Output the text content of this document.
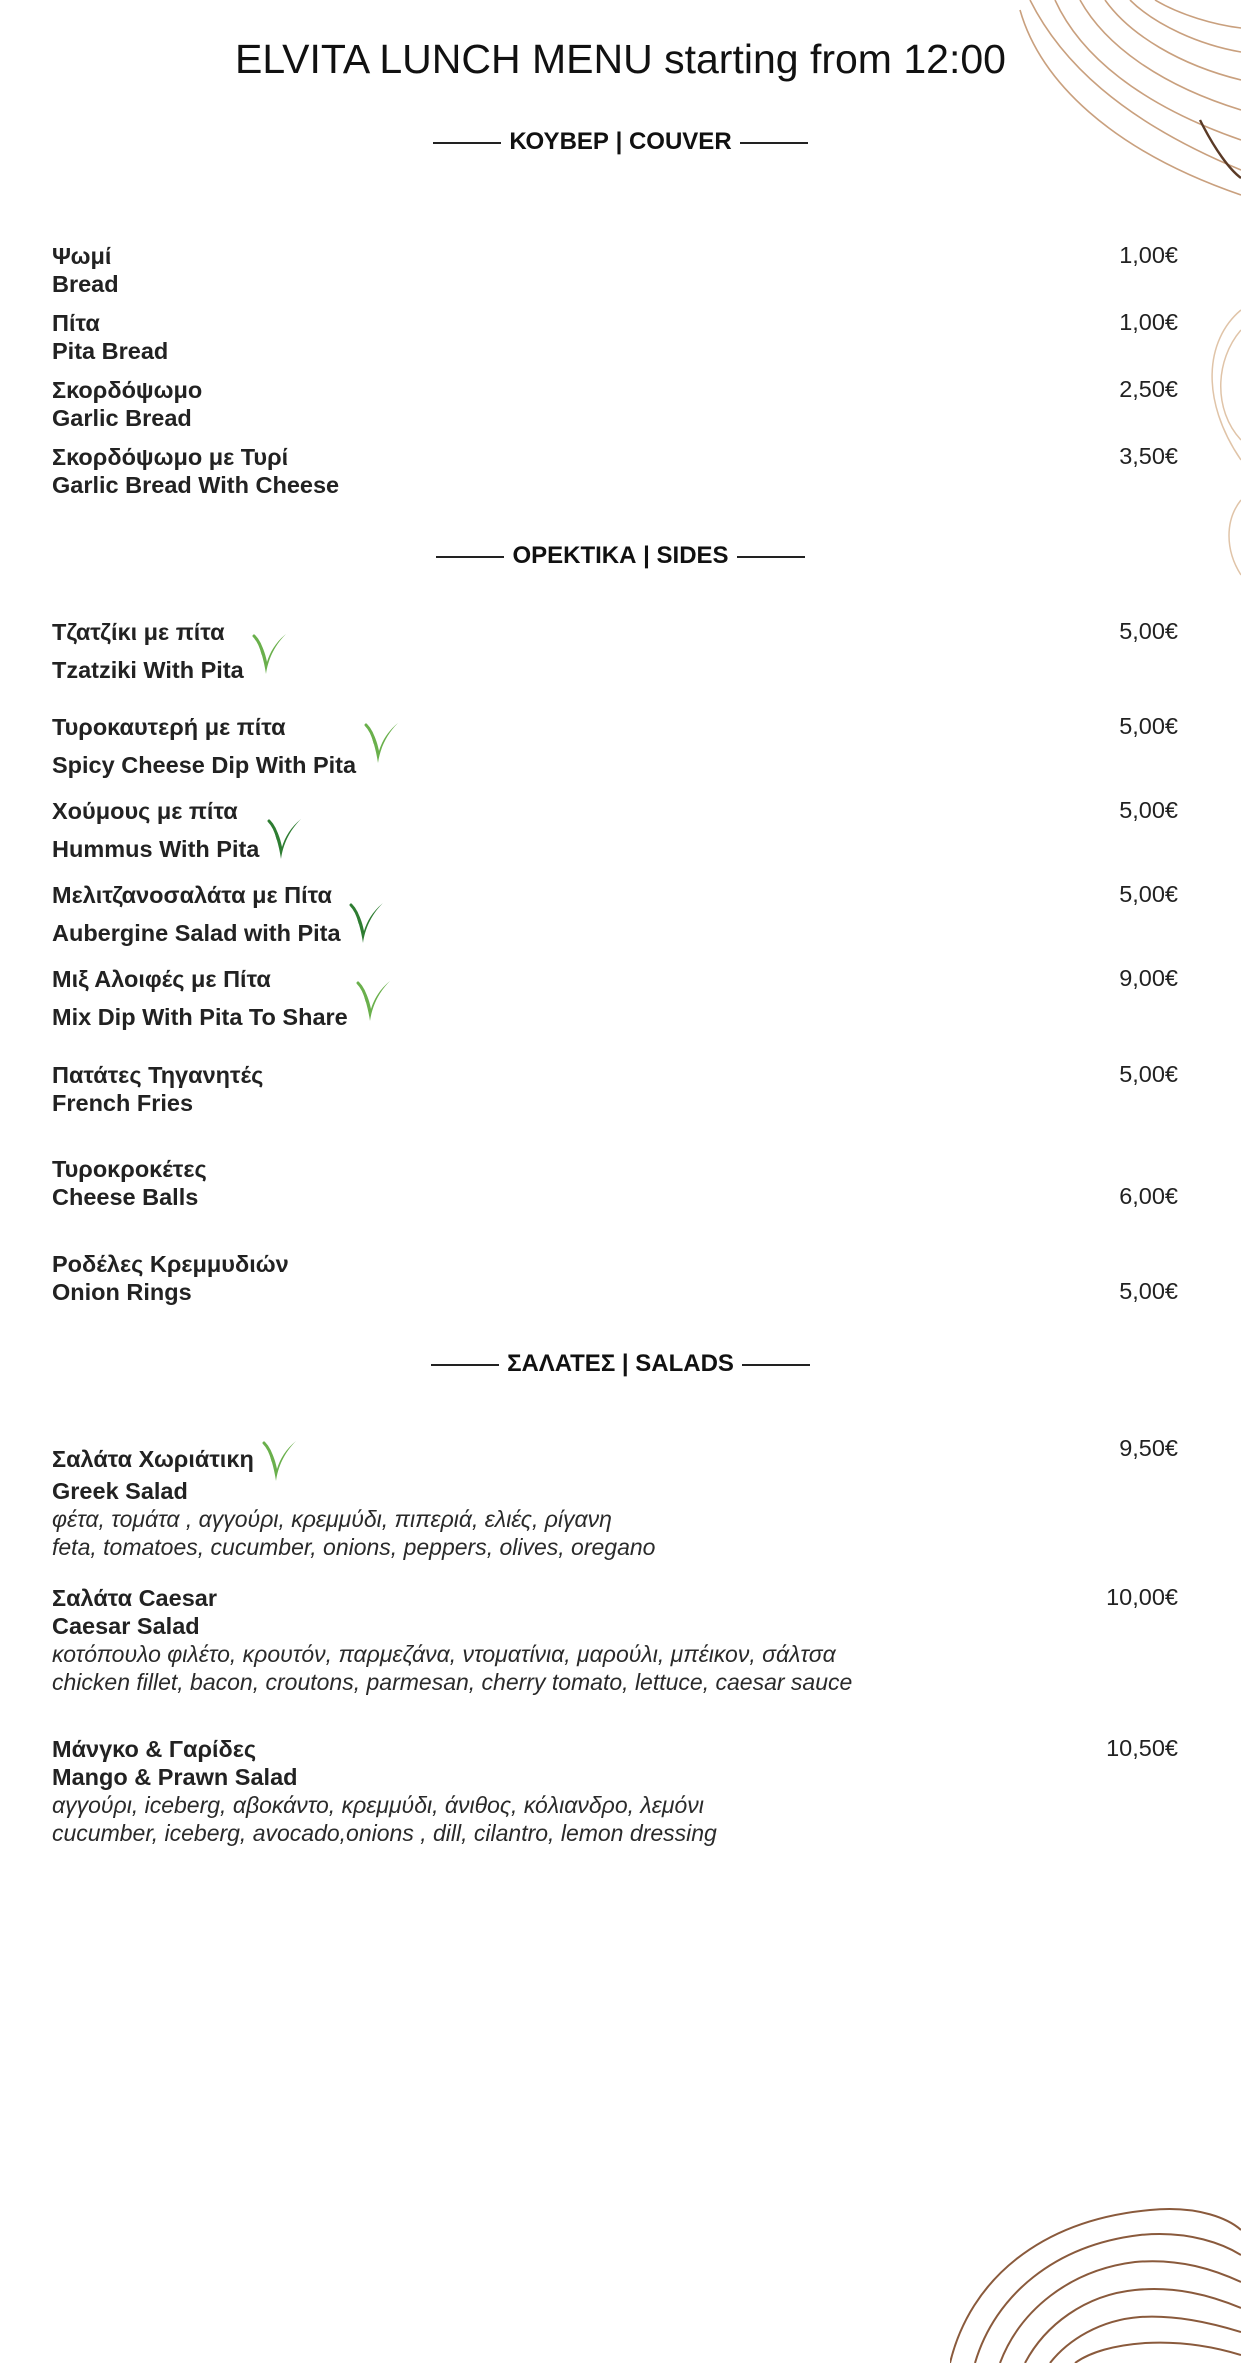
ELVITA LUNCH MENU starting from 12:00
ΚΟΥΒΕΡ | COUVER
Ψωμί
Bread
1,00€
Πίτα
Pita Bread
1,00€
Σκορδόψωμο
Garlic Bread
2,50€
Σκορδόψωμο με Τυρί
Garlic Bread With Cheese
3,50€
ΟΡΕΚΤΙΚΑ | SIDES
Τζατζίκι με πίτα
Tzatziki With Pita
5,00€
Τυροκαυτερή με πίτα
Spicy Cheese Dip With Pita
5,00€
Χούμους με πίτα
Hummus With Pita
5,00€
Μελιτζανοσαλάτα με Πίτα
Aubergine Salad with Pita
5,00€
Μιξ Αλοιφές με Πίτα
Mix Dip With Pita To Share
9,00€
Πατάτες Τηγανητές
French Fries
5,00€
Τυροκροκέτες
Cheese Balls	6,00€
Ροδέλες Κρεμμυδιών
Onion Rings	5,00€
ΣΑΛΑΤΕΣ | SALADS
Σαλάτα Χωριάτικη
Greek Salad
φέτα, τομάτα , αγγούρι, κρεμμύδι, πιπεριά, ελιές, ρίγανη
feta, tomatoes, cucumber, onions, peppers, olives, oregano
9,50€
Σαλάτα Caesar
Caesar Salad
κοτόπουλο φιλέτο, κρουτόν, παρμεζάνα, ντοματίνια, μαρούλι, μπέικον, σάλτσα
chicken fillet, bacon, croutons, parmesan, cherry tomato, lettuce, caesar sauce
10,00€
Μάνγκο & Γαρίδες
Mango & Prawn Salad
αγγούρι, iceberg, αβοκάντο, κρεμμύδι, άνιθος, κόλιανδρο, λεμόνι
cucumber, iceberg, avocado,onions , dill, cilantro, lemon dressing
10,50€
